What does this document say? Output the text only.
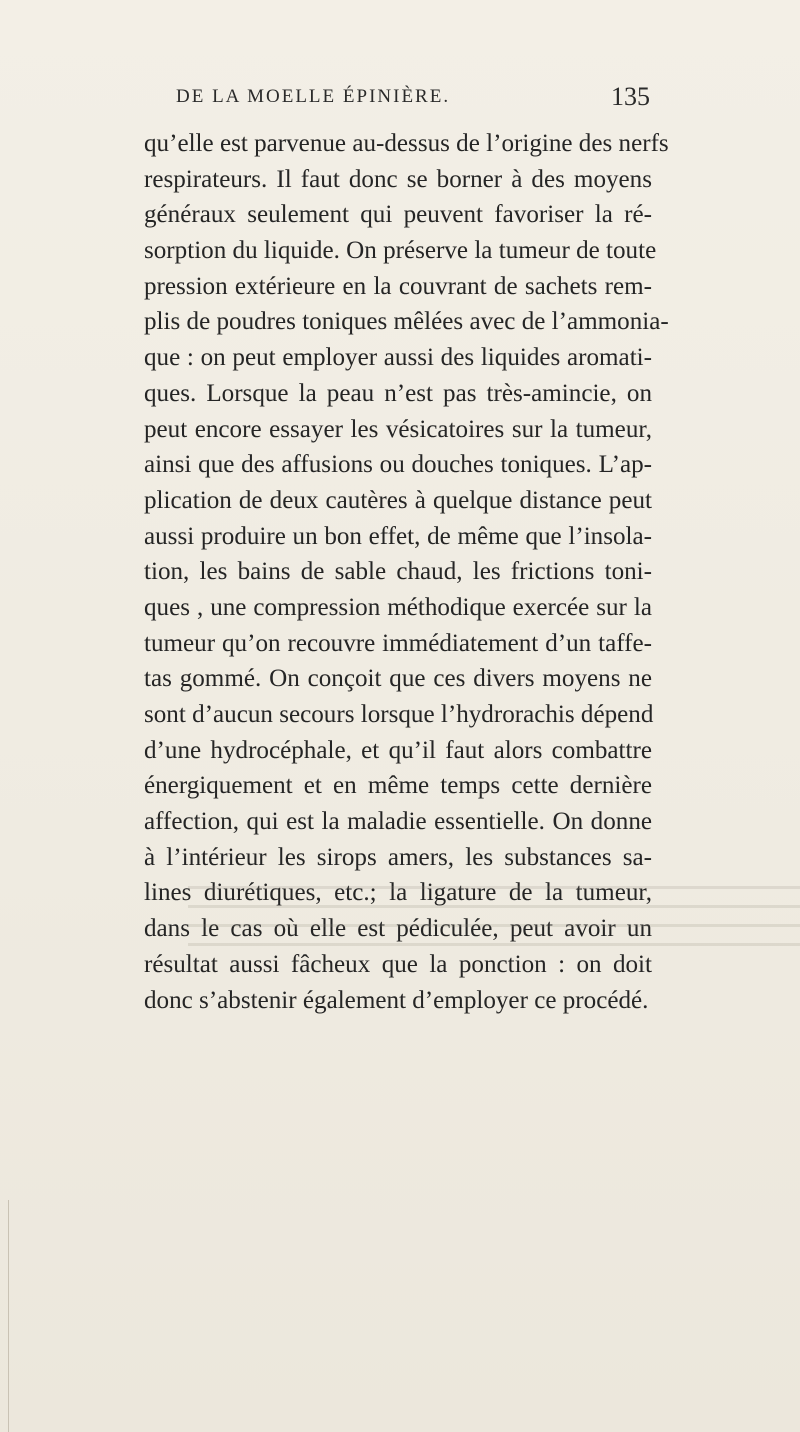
DE LA MOELLE ÉPINIÈRE.	135
qu’elle est parvenue au-dessus de l’origine des nerfs
respirateurs. Il faut donc se borner à des moyens
généraux seulement qui peuvent favoriser la ré-
sorption du liquide. On préserve la tumeur de toute
pression extérieure en la couvrant de sachets rem-
plis de poudres toniques mêlées avec de l’ammonia-
que : on peut employer aussi des liquides aromati-
ques. Lorsque la peau n’est pas très-amincie, on
peut encore essayer les vésicatoires sur la tumeur,
ainsi que des affusions ou douches toniques. L’ap-
plication de deux cautères à quelque distance peut
aussi produire un bon effet, de même que l’insola-
tion, les bains de sable chaud, les frictions toni-
ques , une compression méthodique exercée sur la
tumeur qu’on recouvre immédiatement d’un taffe-
tas gommé. On conçoit que ces divers moyens ne
sont d’aucun secours lorsque l’hydrorachis dépend
d’une hydrocéphale, et qu’il faut alors combattre
énergiquement et en même temps cette dernière
affection, qui est la maladie essentielle. On donne
à l’intérieur les sirops amers, les substances sa-
lines diurétiques, etc.; la ligature de la tumeur,
dans le cas où elle est pédiculée, peut avoir un
résultat aussi fâcheux que la ponction : on doit
donc s’abstenir également d’employer ce procédé.
